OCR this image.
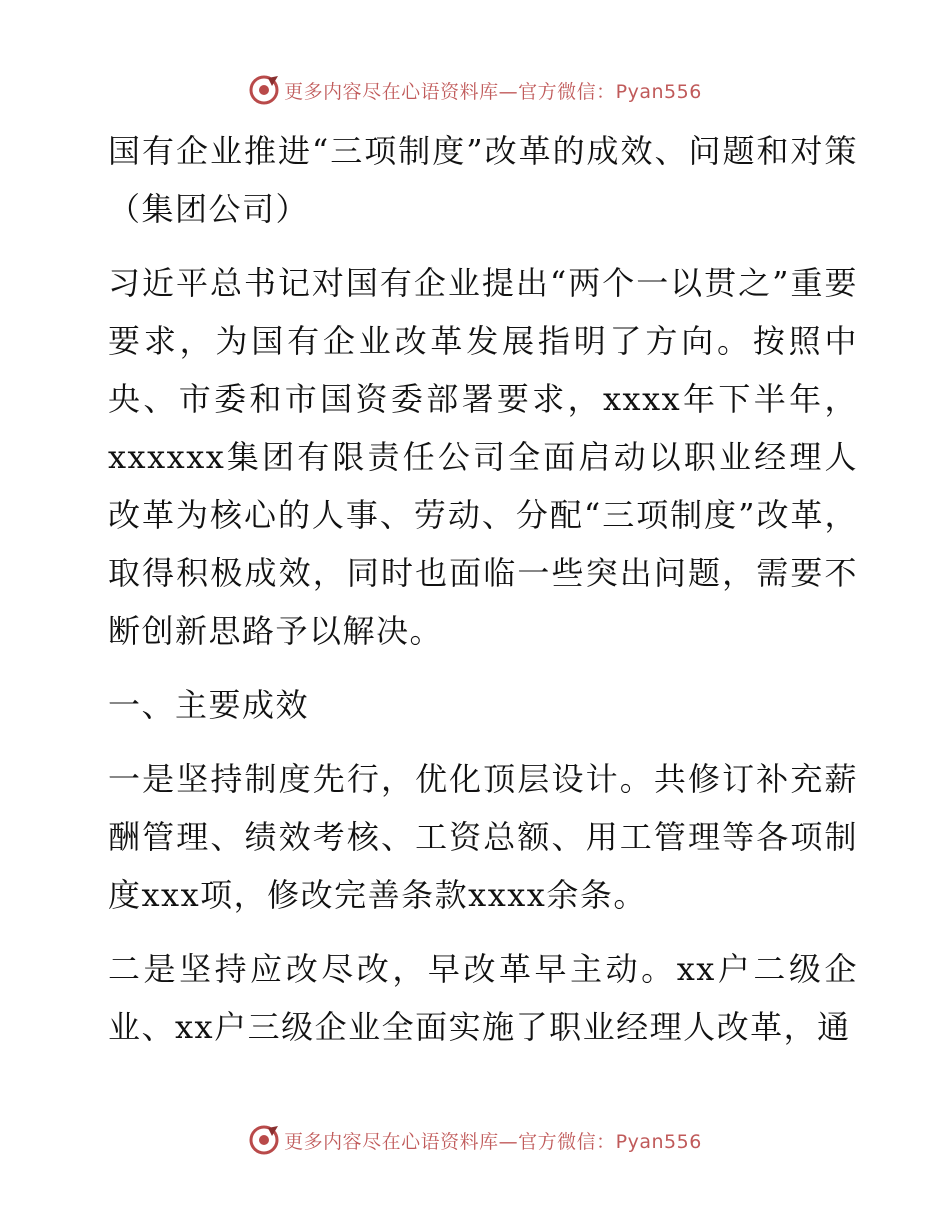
更多内容尽在心语资料库—官方微信：Pyan556

国有企业推进“三项制度”改革的成效、问题和对策（集团公司）

习近平总书记对国有企业提出“两个一以贯之”重要要求，为国有企业改革发展指明了方向。按照中央、市委和市国资委部署要求，xxxx年下半年，xxxxxx集团有限责任公司全面启动以职业经理人改革为核心的人事、劳动、分配“三项制度”改革，取得积极成效，同时也面临一些突出问题，需要不断创新思路予以解决。

一、主要成效

一是坚持制度先行，优化顶层设计。共修订补充薪酬管理、绩效考核、工资总额、用工管理等各项制度xxx项，修改完善条款xxxx余条。

二是坚持应改尽改，早改革早主动。xx户二级企业、xx户三级企业全面实施了职业经理人改革，通

更多内容尽在心语资料库—官方微信：Pyan556
